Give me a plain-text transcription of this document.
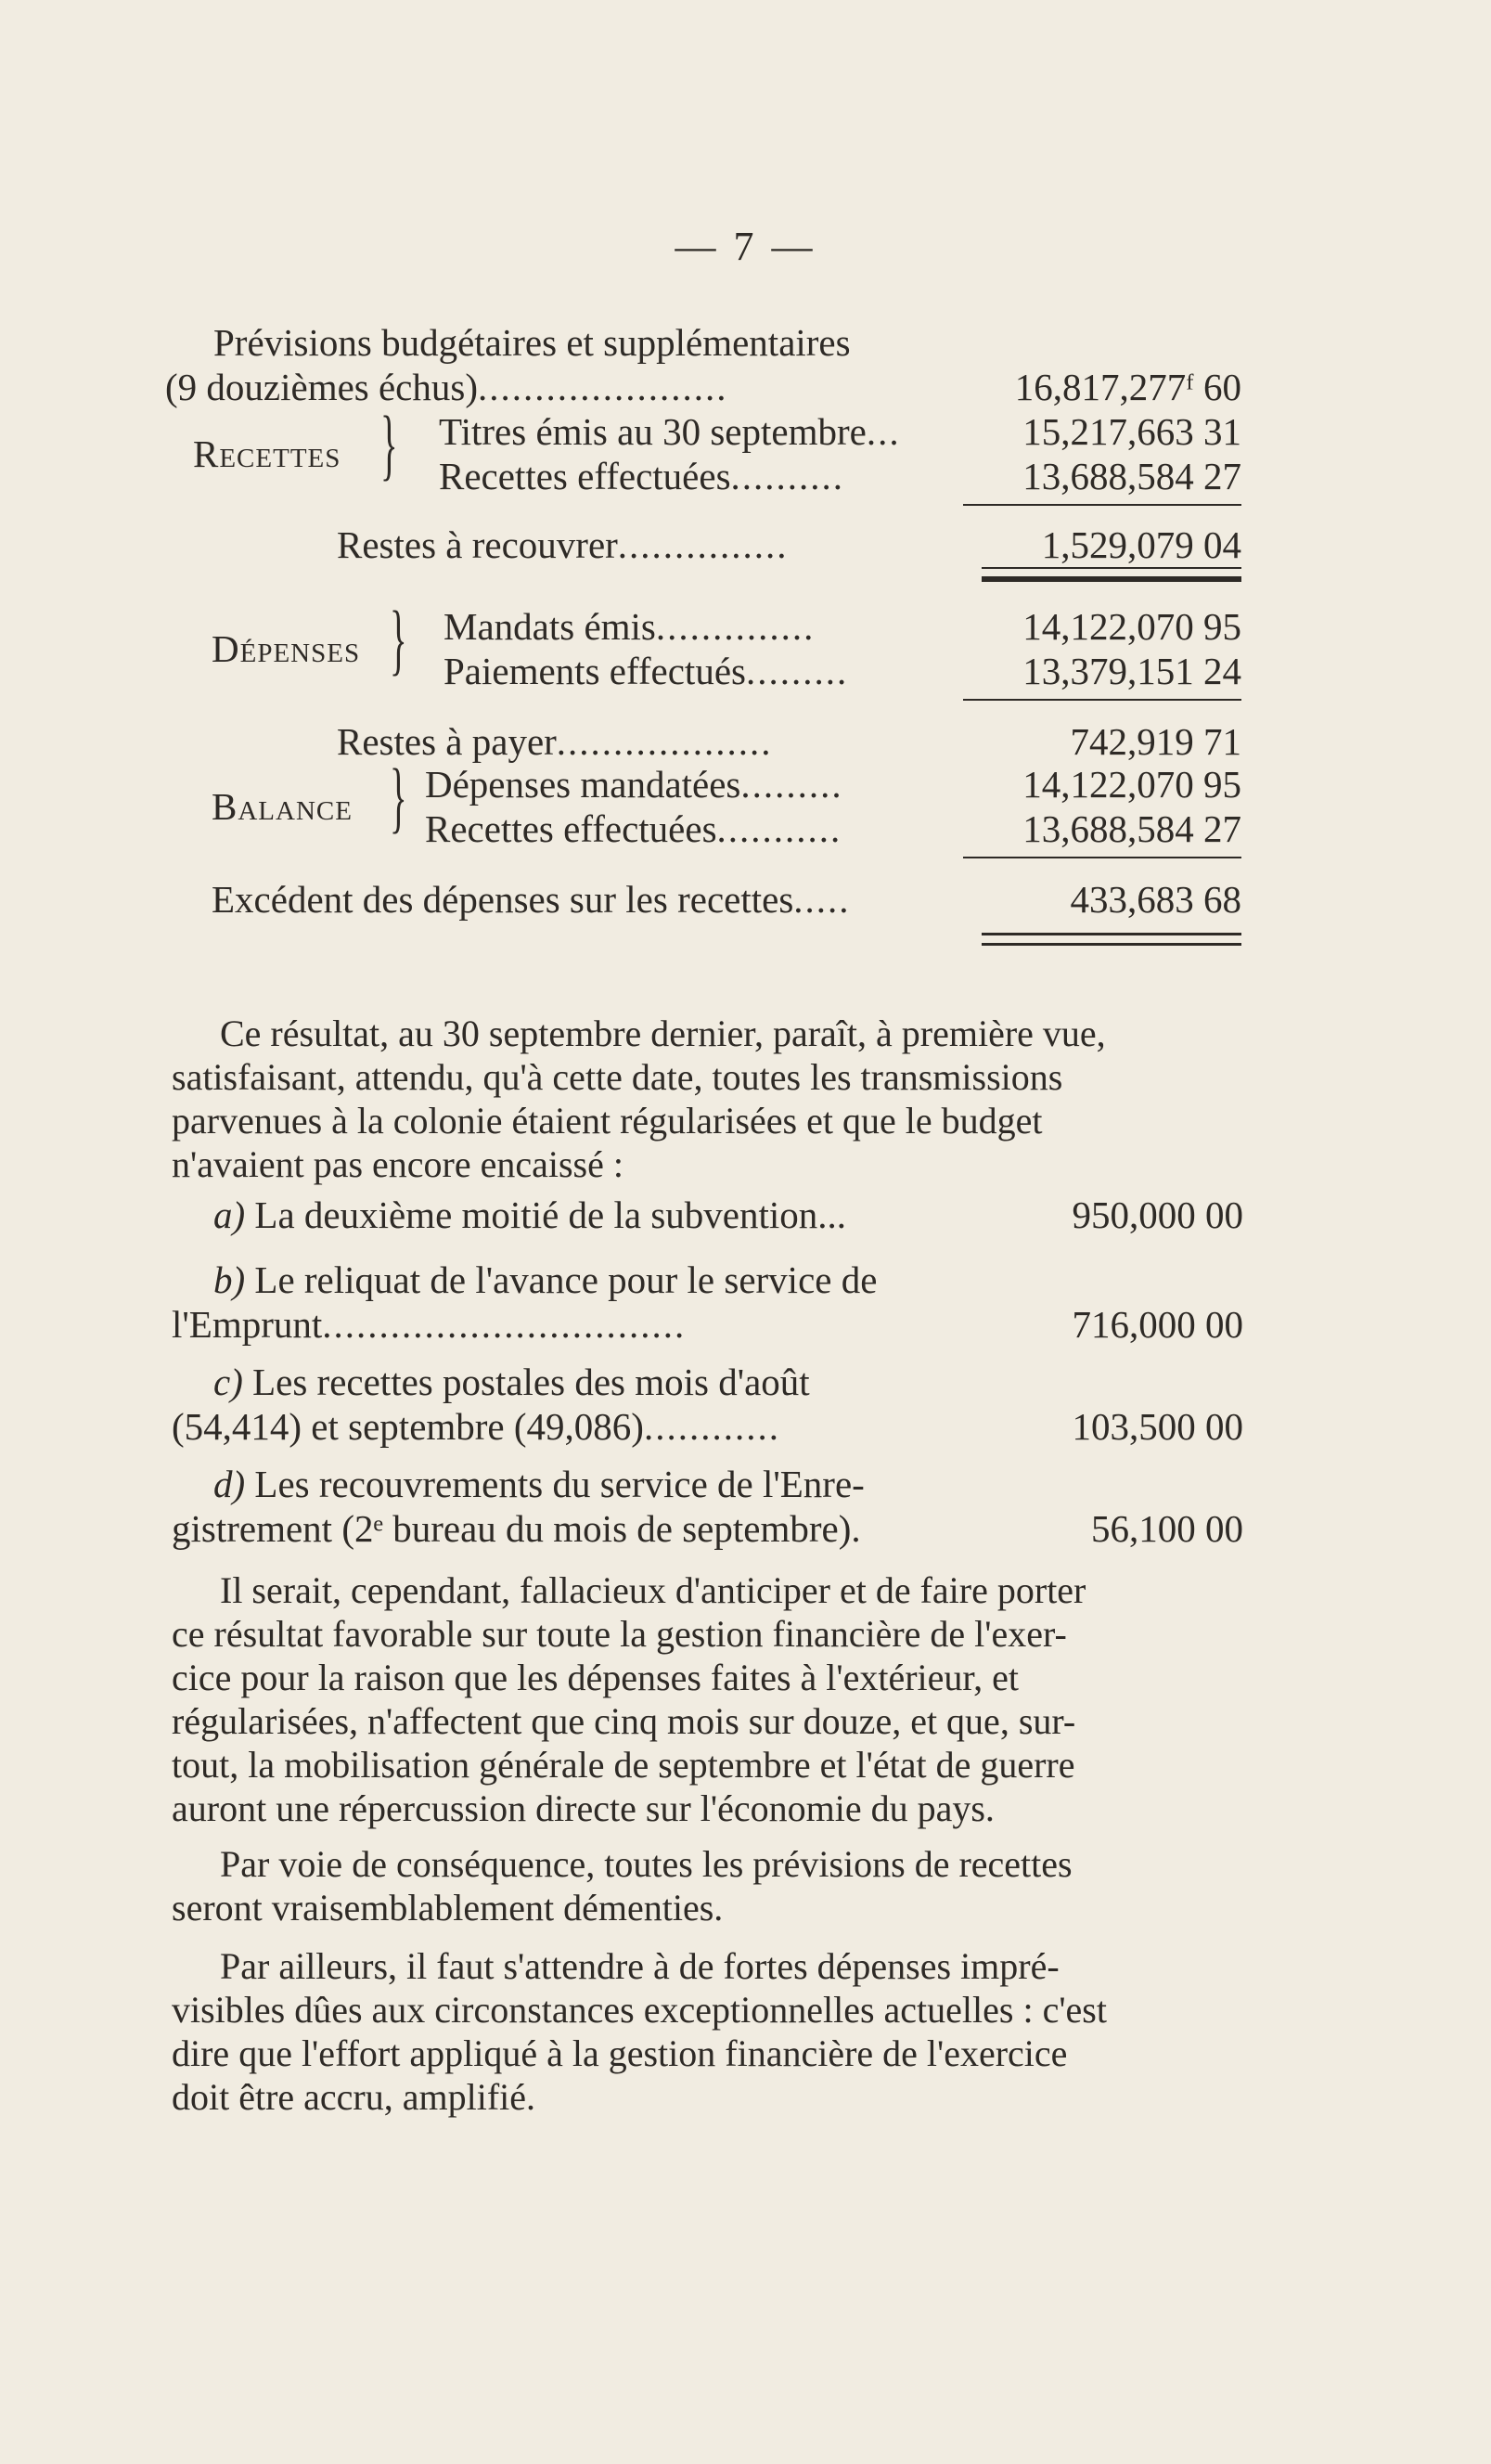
— 7 —
Prévisions budgétaires et supplémentaires
(9 douzièmes échus)......................	16,817,277ᶠ 60
Recettes } Titres émis au 30 septembre...	15,217,663 31
Recettes effectuées..........	13,688,584 27
Restes à recouvrer...............	1,529,079 04
Dépenses } Mandats émis..............	14,122,070 95
Paiements effectués.........	13,379,151 24
Restes à payer...................	742,919 71
Balance } Dépenses mandatées.........	14,122,070 95
Recettes effectuées...........	13,688,584 27
Excédent des dépenses sur les recettes.....	433,683 68
Ce résultat, au 30 septembre dernier, paraît, à première vue,
satisfaisant, attendu, qu'à cette date, toutes les transmissions
parvenues à la colonie étaient régularisées et que le budget
n'avaient pas encore encaissé :
a) La deuxième moitié de la subvention...	950,000 00
b) Le reliquat de l'avance pour le service de
l'Emprunt................................	716,000 00
c) Les recettes postales des mois d'août
(54,414) et septembre (49,086)............	103,500 00
d) Les recouvrements du service de l'Enre-
gistrement (2ᵉ bureau du mois de septembre).	56,100 00
Il serait, cependant, fallacieux d'anticiper et de faire porter
ce résultat favorable sur toute la gestion financière de l'exer-
cice pour la raison que les dépenses faites à l'extérieur, et
régularisées, n'affectent que cinq mois sur douze, et que, sur-
tout, la mobilisation générale de septembre et l'état de guerre
auront une répercussion directe sur l'économie du pays.
Par voie de conséquence, toutes les prévisions de recettes
seront vraisemblablement démenties.
Par ailleurs, il faut s'attendre à de fortes dépenses impré-
visibles dûes aux circonstances exceptionnelles actuelles : c'est
dire que l'effort appliqué à la gestion financière de l'exercice
doit être accru, amplifié.
